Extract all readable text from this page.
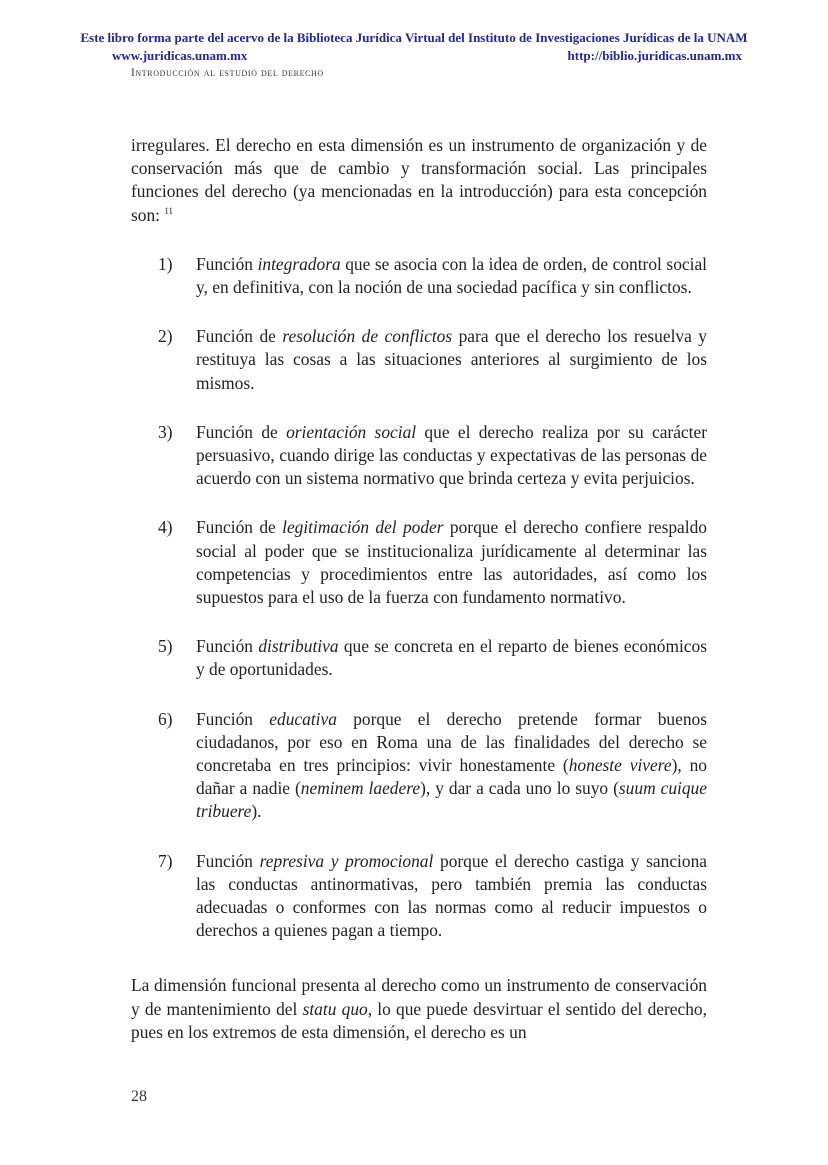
Este libro forma parte del acervo de la Biblioteca Jurídica Virtual del Instituto de Investigaciones Jurídicas de la UNAM
www.juridicas.unam.mx	http://biblio.juridicas.unam.mx
Introducción al estudio del derecho

irregulares. El derecho en esta dimensión es un instrumento de organización y de conservación más que de cambio y transformación social. Las principales funciones del derecho (ya mencionadas en la introducción) para esta concepción son: $^{11}$

1)	Función integradora que se asocia con la idea de orden, de control social y, en definitiva, con la noción de una sociedad pacífica y sin conflictos.
2)	Función de resolución de conflictos para que el derecho los resuelva y restituya las cosas a las situaciones anteriores al surgimiento de los mismos.
3)	Función de orientación social que el derecho realiza por su carácter persuasivo, cuando dirige las conductas y expectativas de las personas de acuerdo con un sistema normativo que brinda certeza y evita perjuicios.
4)	Función de legitimación del poder porque el derecho confiere respaldo social al poder que se institucionaliza jurídicamente al determinar las competencias y procedimientos entre las autoridades, así como los supuestos para el uso de la fuerza con fundamento normativo.
5)	Función distributiva que se concreta en el reparto de bienes económicos y de oportunidades.
6)	Función educativa porque el derecho pretende formar buenos ciudadanos, por eso en Roma una de las finalidades del derecho se concretaba en tres principios: vivir honestamente (honeste vivere), no dañar a nadie (neminem laedere), y dar a cada uno lo suyo (suum cuique tribuere).
7)	Función represiva y promocional porque el derecho castiga y sanciona las conductas antinormativas, pero también premia las conductas adecuadas o conformes con las normas como al reducir impuestos o derechos a quienes pagan a tiempo.

La dimensión funcional presenta al derecho como un instrumento de conservación y de mantenimiento del statu quo, lo que puede desvirtuar el sentido del derecho, pues en los extremos de esta dimensión, el derecho es un

28
